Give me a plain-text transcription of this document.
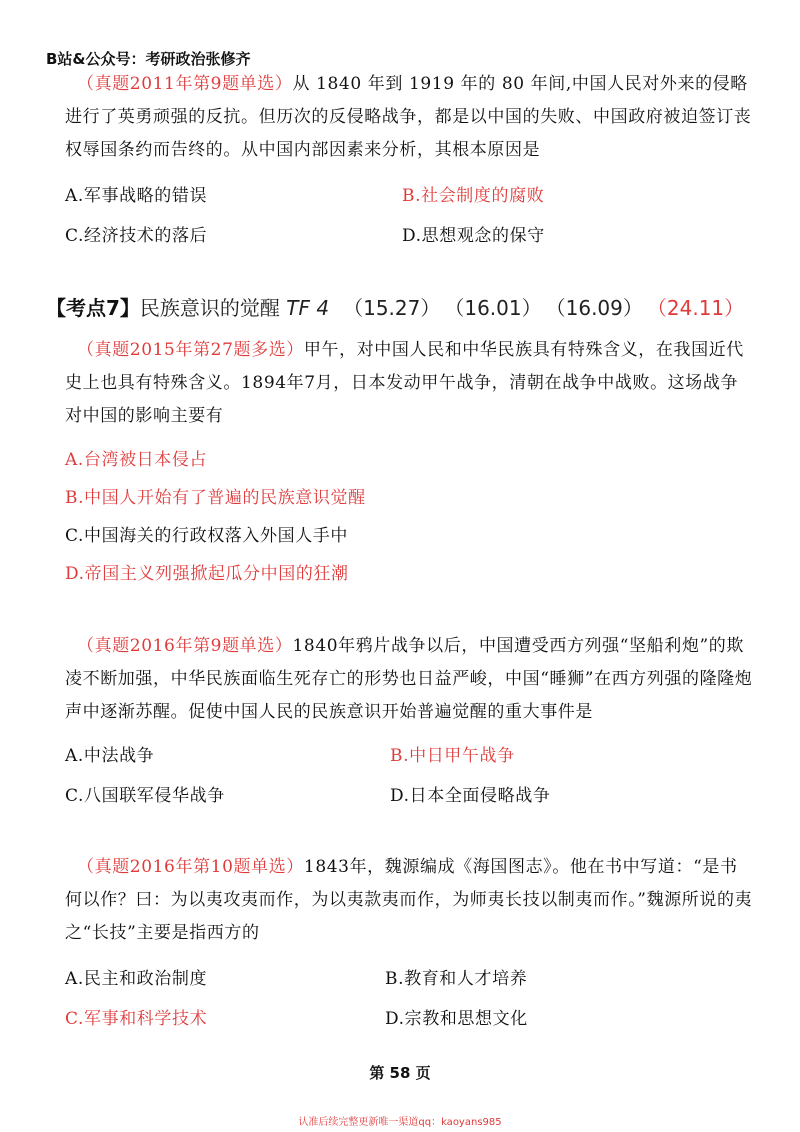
B站&公众号：考研政治张修齐

（真题2011年第9题单选）从 1840 年到 1919 年的 80 年间,中国人民对外来的侵略进行了英勇顽强的反抗。但历次的反侵略战争，都是以中国的失败、中国政府被迫签订丧权辱国条约而告终的。从中国内部因素来分析，其根本原因是

A.军事战略的错误	B.社会制度的腐败
C.经济技术的落后	D.思想观念的保守
【考点7】民族意识的觉醒 TF 4 （15.27） （16.01） （16.09） （24.11）

（真题2015年第27题多选）甲午，对中国人民和中华民族具有特殊含义，在我国近代史上也具有特殊含义。1894年7月，日本发动甲午战争，清朝在战争中战败。这场战争对中国的影响主要有

A.台湾被日本侵占
B.中国人开始有了普遍的民族意识觉醒
C.中国海关的行政权落入外国人手中
D.帝国主义列强掀起瓜分中国的狂潮

（真题2016年第9题单选）1840年鸦片战争以后，中国遭受西方列强“坚船利炮”的欺凌不断加强，中华民族面临生死存亡的形势也日益严峻，中国“睡狮”在西方列强的隆隆炮声中逐渐苏醒。促使中国人民的民族意识开始普遍觉醒的重大事件是

A.中法战争	B.中日甲午战争
C.八国联军侵华战争	D.日本全面侵略战争

（真题2016年第10题单选）1843年，魏源编成《海国图志》。他在书中写道：“是书何以作？曰：为以夷攻夷而作，为以夷款夷而作，为师夷长技以制夷而作。”魏源所说的夷之“长技”主要是指西方的

A.民主和政治制度	B.教育和人才培养
C.军事和科学技术	D.宗教和思想文化
第 58 页
认准后续完整更新唯一渠道qq：kaoyans985
